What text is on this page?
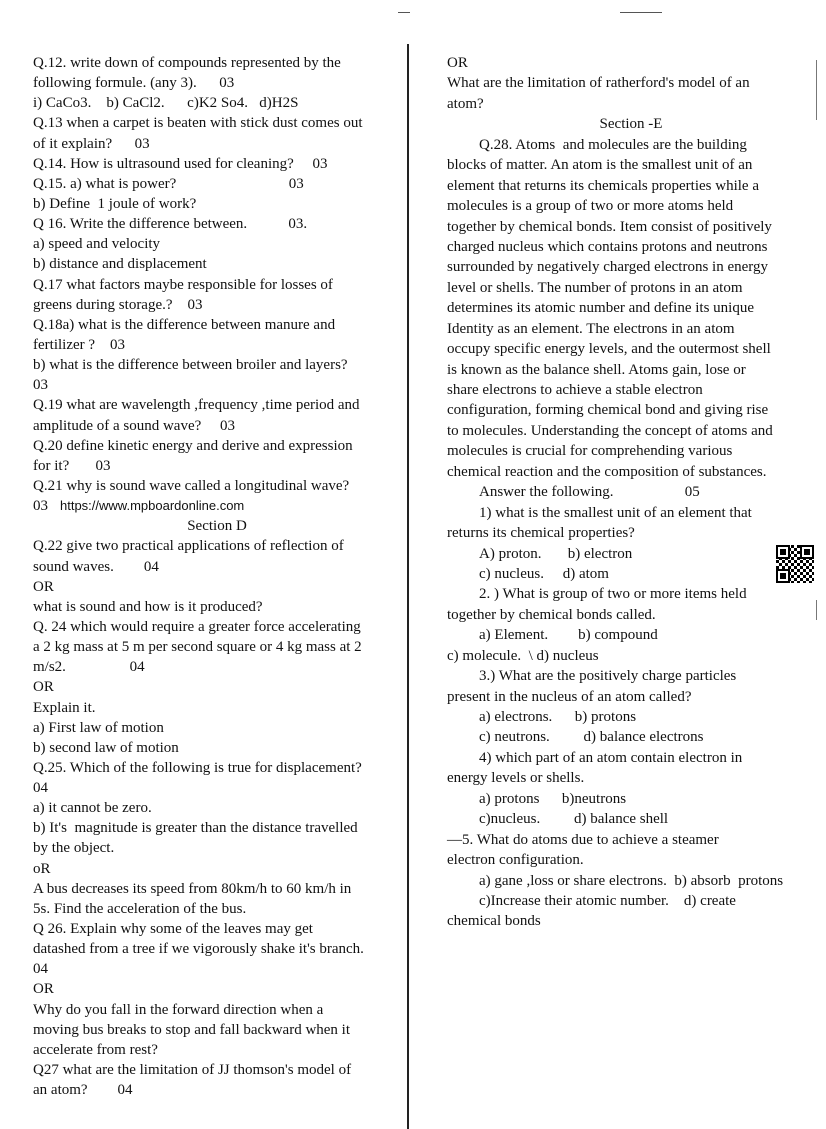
Q.12. write down of compounds represented by the
following formule. (any 3).      03
i) CaCo3.    b) CaCl2.      c)K2 So4.   d)H2S
Q.13 when a carpet is beaten with stick dust comes out
of it explain?      03
Q.14. How is ultrasound used for cleaning?     03
Q.15. a) what is power?                              03
b) Define  1 joule of work?
Q 16. Write the difference between.           03.
a) speed and velocity
b) distance and displacement
Q.17 what factors maybe responsible for losses of
greens during storage.?    03
Q.18a) what is the difference between manure and
fertilizer ?    03
b) what is the difference between broiler and layers?
03
Q.19 what are wavelength ,frequency ,time period and
amplitude of a sound wave?     03
Q.20 define kinetic energy and derive and expression
for it?       03
Q.21 why is sound wave called a longitudinal wave?
03 https://www.mpboardonline.com
Section D
Q.22 give two practical applications of reflection of
sound waves.        04
OR
what is sound and how is it produced?
Q. 24 which would require a greater force accelerating
a 2 kg mass at 5 m per second square or 4 kg mass at 2
m/s2.                 04
OR
Explain it.
a) First law of motion
b) second law of motion
Q.25. Which of the following is true for displacement?
04
a) it cannot be zero.
b) It's  magnitude is greater than the distance travelled
by the object.
oR
A bus decreases its speed from 80km/h to 60 km/h in
5s. Find the acceleration of the bus.
Q 26. Explain why some of the leaves may get
datashed from a tree if we vigorously shake it's branch.
04
OR
Why do you fall in the forward direction when a
moving bus breaks to stop and fall backward when it
accelerate from rest?
Q27 what are the limitation of JJ thomson's model of
an atom?        04
OR
What are the limitation of ratherford's model of an
atom?
Section -E
Q.28. Atoms  and molecules are the building
blocks of matter. An atom is the smallest unit of an
element that returns its chemicals properties while a
molecules is a group of two or more atoms held
together by chemical bonds. Item consist of positively
charged nucleus which contains protons and neutrons
surrounded by negatively charged electrons in energy
level or shells. The number of protons in an atom
determines its atomic number and define its unique
Identity as an element. The electrons in an atom
occupy specific energy levels, and the outermost shell
is known as the balance shell. Atoms gain, lose or
share electrons to achieve a stable electron
configuration, forming chemical bond and giving rise
to molecules. Understanding the concept of atoms and
molecules is crucial for comprehending various
chemical reaction and the composition of substances.
Answer the following.                   05
1) what is the smallest unit of an element that
returns its chemical properties?
A) proton.       b) electron
c) nucleus.     d) atom
2. ) What is group of two or more items held
together by chemical bonds called.
a) Element.        b) compound
c) molecule.  \ d) nucleus
3.) What are the positively charge particles
present in the nucleus of an atom called?
a) electrons.      b) protons
c) neutrons.         d) balance electrons
4) which part of an atom contain electron in
energy levels or shells.
a) protons      b)neutrons
c)nucleus.         d) balance shell
—5. What do atoms due to achieve a steamer
electron configuration.
a) gane ,loss or share electrons.  b) absorb  protons
c)Increase their atomic number.    d) create
chemical bonds
